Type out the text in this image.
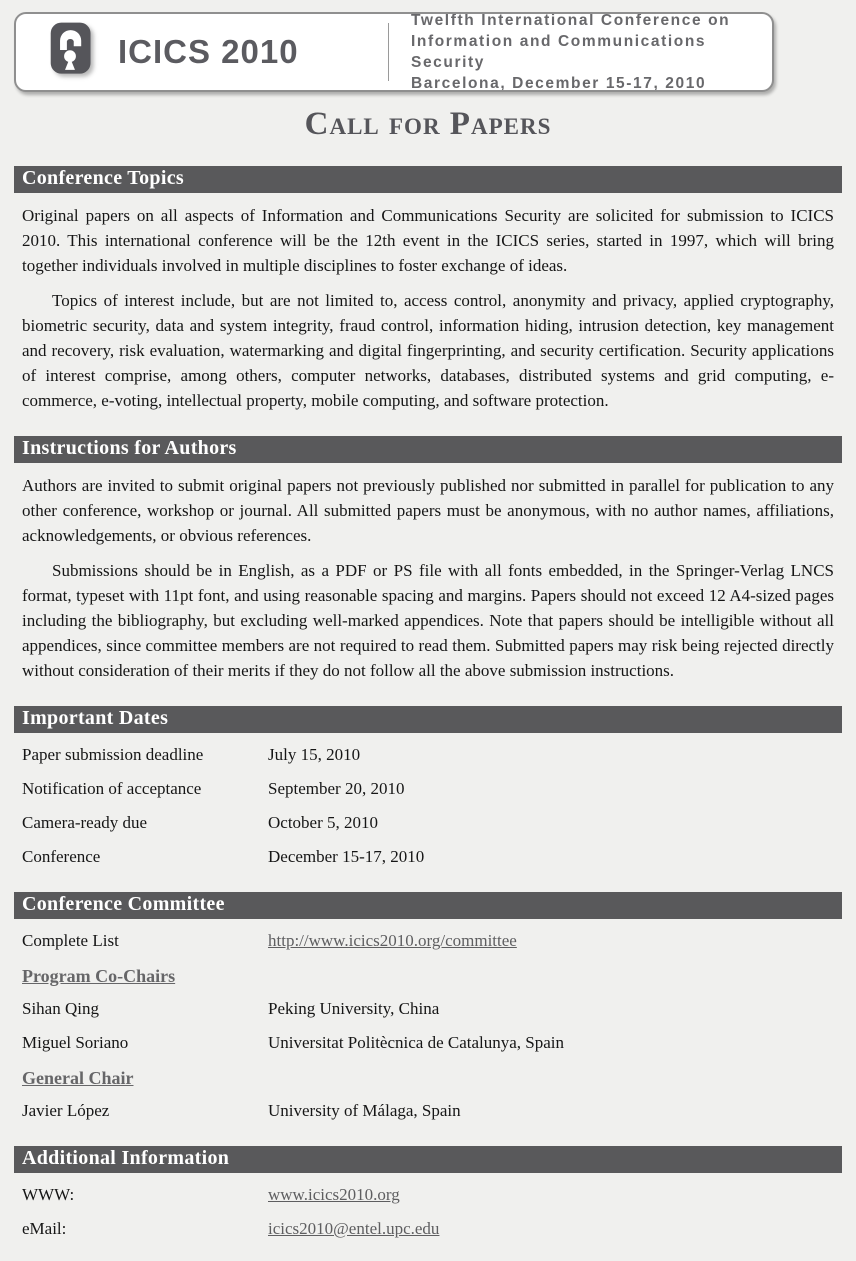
ICICS 2010
Twelfth International Conference on
Information and Communications Security
Barcelona, December 15-17, 2010
Call for Papers
Conference Topics

Original papers on all aspects of Information and Communications Security are solicited for submission to ICICS 2010. This international conference will be the 12th event in the ICICS series, started in 1997, which will bring together individuals involved in multiple disciplines to foster exchange of ideas.

Topics of interest include, but are not limited to, access control, anonymity and privacy, applied cryptography, biometric security, data and system integrity, fraud control, information hiding, intrusion detection, key management and recovery, risk evaluation, watermarking and digital fingerprinting, and security certification. Security applications of interest comprise, among others, computer networks, databases, distributed systems and grid computing, e-commerce, e-voting, intellectual property, mobile computing, and software protection.

Instructions for Authors

Authors are invited to submit original papers not previously published nor submitted in parallel for publication to any other conference, workshop or journal. All submitted papers must be anonymous, with no author names, affiliations, acknowledgements, or obvious references.

Submissions should be in English, as a PDF or PS file with all fonts embedded, in the Springer-Verlag LNCS format, typeset with 11pt font, and using reasonable spacing and margins. Papers should not exceed 12 A4-sized pages including the bibliography, but excluding well-marked appendices. Note that papers should be intelligible without all appendices, since committee members are not required to read them. Submitted papers may risk being rejected directly without consideration of their merits if they do not follow all the above submission instructions.

Important Dates
Paper submission deadline	July 15, 2010
Notification of acceptance	September 20, 2010
Camera-ready due	October 5, 2010
Conference	December 15-17, 2010
Conference Committee
Complete List	http://www.icics2010.org/committee
Program Co-Chairs
Sihan Qing	Peking University, China
Miguel Soriano	Universitat Politècnica de Catalunya, Spain
General Chair
Javier López	University of Málaga, Spain
Additional Information
WWW:	www.icics2010.org
eMail:	icics2010@entel.upc.edu
